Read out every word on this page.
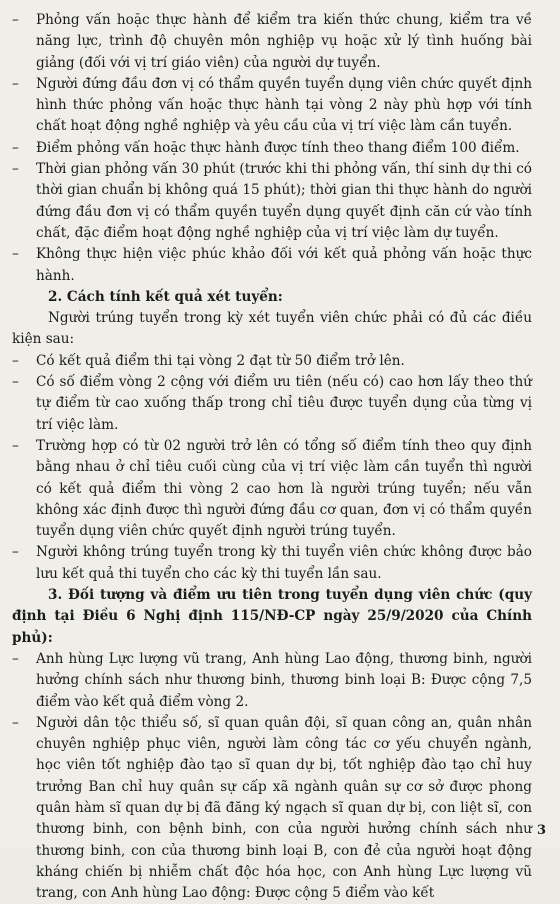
–	Phỏng vấn hoặc thực hành để kiểm tra kiến thức chung, kiểm tra về năng lực, trình độ chuyên môn nghiệp vụ hoặc xử lý tình huống bài giảng (đối với vị trí giáo viên) của người dự tuyển.
–	Người đứng đầu đơn vị có thẩm quyền tuyển dụng viên chức quyết định hình thức phỏng vấn hoặc thực hành tại vòng 2 này phù hợp với tính chất hoạt động nghề nghiệp và yêu cầu của vị trí việc làm cần tuyển.
–	Điểm phỏng vấn hoặc thực hành được tính theo thang điểm 100 điểm.
–	Thời gian phỏng vấn 30 phút (trước khi thi phỏng vấn, thí sinh dự thi có thời gian chuẩn bị không quá 15 phút); thời gian thi thực hành do người đứng đầu đơn vị có thẩm quyền tuyển dụng quyết định căn cứ vào tính chất, đặc điểm hoạt động nghề nghiệp của vị trí việc làm dự tuyển.
–	Không thực hiện việc phúc khảo đối với kết quả phỏng vấn hoặc thực hành.

2. Cách tính kết quả xét tuyển:

Người trúng tuyển trong kỳ xét tuyển viên chức phải có đủ các điều kiện sau:

–	Có kết quả điểm thi tại vòng 2 đạt từ 50 điểm trở lên.
–	Có số điểm vòng 2 cộng với điểm ưu tiên (nếu có) cao hơn lấy theo thứ tự điểm từ cao xuống thấp trong chỉ tiêu được tuyển dụng của từng vị trí việc làm.
–	Trường hợp có từ 02 người trở lên có tổng số điểm tính theo quy định bằng nhau ở chỉ tiêu cuối cùng của vị trí việc làm cần tuyển thì người có kết quả điểm thi vòng 2 cao hơn là người trúng tuyển; nếu vẫn không xác định được thì người đứng đầu cơ quan, đơn vị có thẩm quyền tuyển dụng viên chức quyết định người trúng tuyển.
–	Người không trúng tuyển trong kỳ thi tuyển viên chức không được bảo lưu kết quả thi tuyển cho các kỳ thi tuyển lần sau.

3. Đối tượng và điểm ưu tiên trong tuyển dụng viên chức (quy định tại Điều 6 Nghị định 115/NĐ-CP ngày 25/9/2020 của Chính phủ):

–	Anh hùng Lực lượng vũ trang, Anh hùng Lao động, thương binh, người hưởng chính sách như thương binh, thương binh loại B: Được cộng 7,5 điểm vào kết quả điểm vòng 2.
–	Người dân tộc thiểu số, sĩ quan quân đội, sĩ quan công an, quân nhân chuyên nghiệp phục viên, người làm công tác cơ yếu chuyển ngành, học viên tốt nghiệp đào tạo sĩ quan dự bị, tốt nghiệp đào tạo chỉ huy trưởng Ban chỉ huy quân sự cấp xã ngành quân sự cơ sở được phong quân hàm sĩ quan dự bị đã đăng ký ngạch sĩ quan dự bị, con liệt sĩ, con thương binh, con bệnh binh, con của người hưởng chính sách như thương binh, con của thương binh loại B, con đẻ của người hoạt động kháng chiến bị nhiễm chất độc hóa học, con Anh hùng Lực lượng vũ trang, con Anh hùng Lao động: Được cộng 5 điểm vào kết
3
